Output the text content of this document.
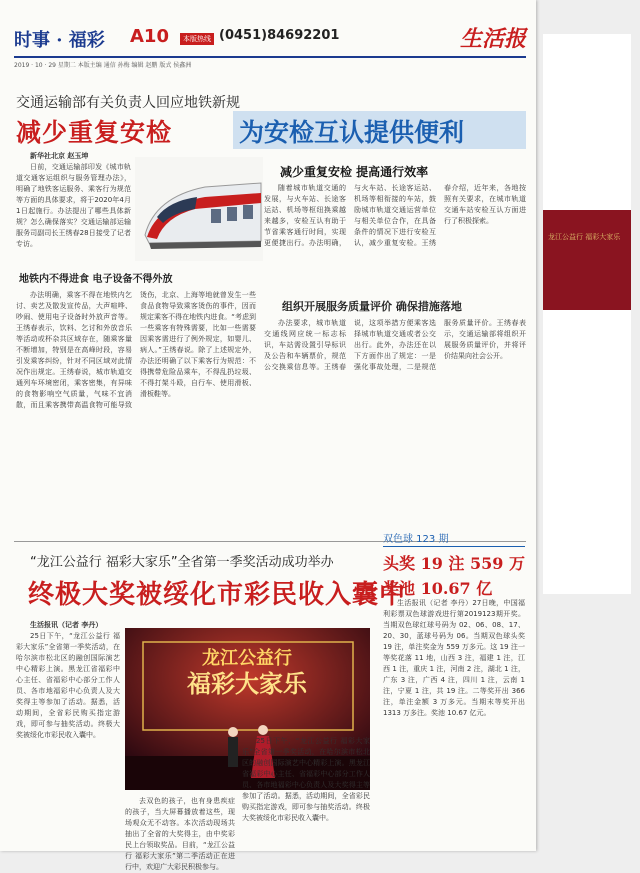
时事 · 福彩 A10	本版热线 (0451)84692201	生活报
2019 · 10 · 29 星期二 本版主编 通信 孙梅 编辑 赵鹏 版式 侯鑫洲
交通运输部有关负责人回应地铁新规
减少重复安检	为安检互认提供便利

新华社北京 赵玉坤

日前，交通运输部印发《城市轨道交通客运组织与服务管理办法》，明确了地铁客运服务、乘客行为规范等方面的具体要求，将于2020年4月1日起施行。办法提出了哪些具体新规？怎么确保落实？交通运输部运输服务司副司长王绣春28日接受了记者专访。

地铁内不得进食 电子设备不得外放

办法明确，乘客不得在地铁内乞讨、卖艺及散发宣传品，大声喧哗、吵闹、使用电子设备时外放声音等。王绣春表示，饮料、乞讨和外放音乐等活动或杯杂共区域存在，随乘客量不断增加，特别是在高峰时段，容易引发乘客纠纷，针对不同区域对此情况作出规定。王绣春说，城市轨道交通列车环境密闭，乘客密集，有异味的食物影响空气质量，气味不宜消散，而且乘客携带高温食物可能导致烫伤，北京、上海等地就曾发生一些食品食物导致乘客烫伤的事件，因而规定乘客不得在地铁内进食。“考虑到一些乘客有特殊需要，比如一些需要因乘客需进行了例外规定，如婴儿、病人。”王绣春说。除了上述规定外，办法还明确了以下乘客行为规范：不得携带危险品乘车，不得乱扔垃圾、不得打架斗殴，自行车、使用滑板、滑板鞋等。

减少重复安检 提高通行效率

随着城市轨道交通的发展，与火车站、长途客运站、机场等枢纽换乘越来越多，安检互认有助于节省乘客通行时间，实现更便捷出行。办法明确，与火车站、长途客运站、机场等相衔接的车站，鼓励城市轨道交通运营单位与相关单位合作，在具备条件的情况下进行安检互认，减少重复安检。王绣春介绍，近年来，各地按照有关要求，在城市轨道交通车站安检互认方面进行了积极探索。

组织开展服务质量评价 确保措施落地

办法要求，城市轨道交通线网应统一标志标识，车站需设置引导标识及公告和车辆票价，规范公交换乘信息等。王绣春说，这项举措方便乘客选择城市轨道交通或者公交出行。此外，办法还在以下方面作出了规定：一是强化事故处理，二是规范服务质量评价。王绣春表示，交通运输部将组织开展服务质量评价，并将评价结果向社会公开。

“龙江公益行 福彩大家乐”全省第一季奖活动成功举办
终极大奖被绥化市彩民收入囊中

生活报讯（记者 李丹）

25日下午，“龙江公益行 福彩大家乐”全省第一季奖活动，在哈尔滨市松北区的融创国际演艺中心精彩上演。黑龙江省福彩中心主任、省福彩中心部分工作人员、各市地福彩中心负责人及大奖得主等参加了活动。据悉，活动期间，全省彩民购买指定游戏，即可参与抽奖活动。终极大奖被绥化市彩民收入囊中。

龙江公益行
福彩大家乐

去双色的孩子，也有身患疾症的孩子，当大屏幕播放着这些，现场观众无不动容。本次活动现场共抽出了全省的大奖得主，由中奖彩民上台领取奖品。目前，“龙江公益行 福彩大家乐”第二季活动正在进行中，欢迎广大彩民积极参与。

25日下午，“龙江公益行 福彩大家乐”全省第一季奖活动，在哈尔滨市松北区的融创国际演艺中心精彩上演。黑龙江省福彩中心主任、省福彩中心部分工作人员、各市地福彩中心负责人及大奖得主等参加了活动。据悉，活动期间，全省彩民购买指定游戏，即可参与抽奖活动。终极大奖被绥化市彩民收入囊中。

双色球 123 期
头奖 19 注 559 万
奖池 10.67 亿

生活报讯（记者 李丹）27日晚，中国福利彩票双色球游戏进行第2019123期开奖。当期双色球红球号码为 02、06、08、17、20、30，蓝球号码为 06。当期双色球头奖 19 注，单注奖金为 559 万多元。这 19 注一等奖花落 11 地，山西 3 注，福建 1 注，江西 1 注，重庆 1 注，河南 2 注，湖北 1 注，广东 3 注，广西 4 注，四川 1 注，云南 1 注，宁夏 1 注，共 19 注。二等奖开出 366 注，单注金额 3 万多元。当期末等奖开出 1313 万多注。奖池 10.67 亿元。

龙江公益行 福彩大家乐
